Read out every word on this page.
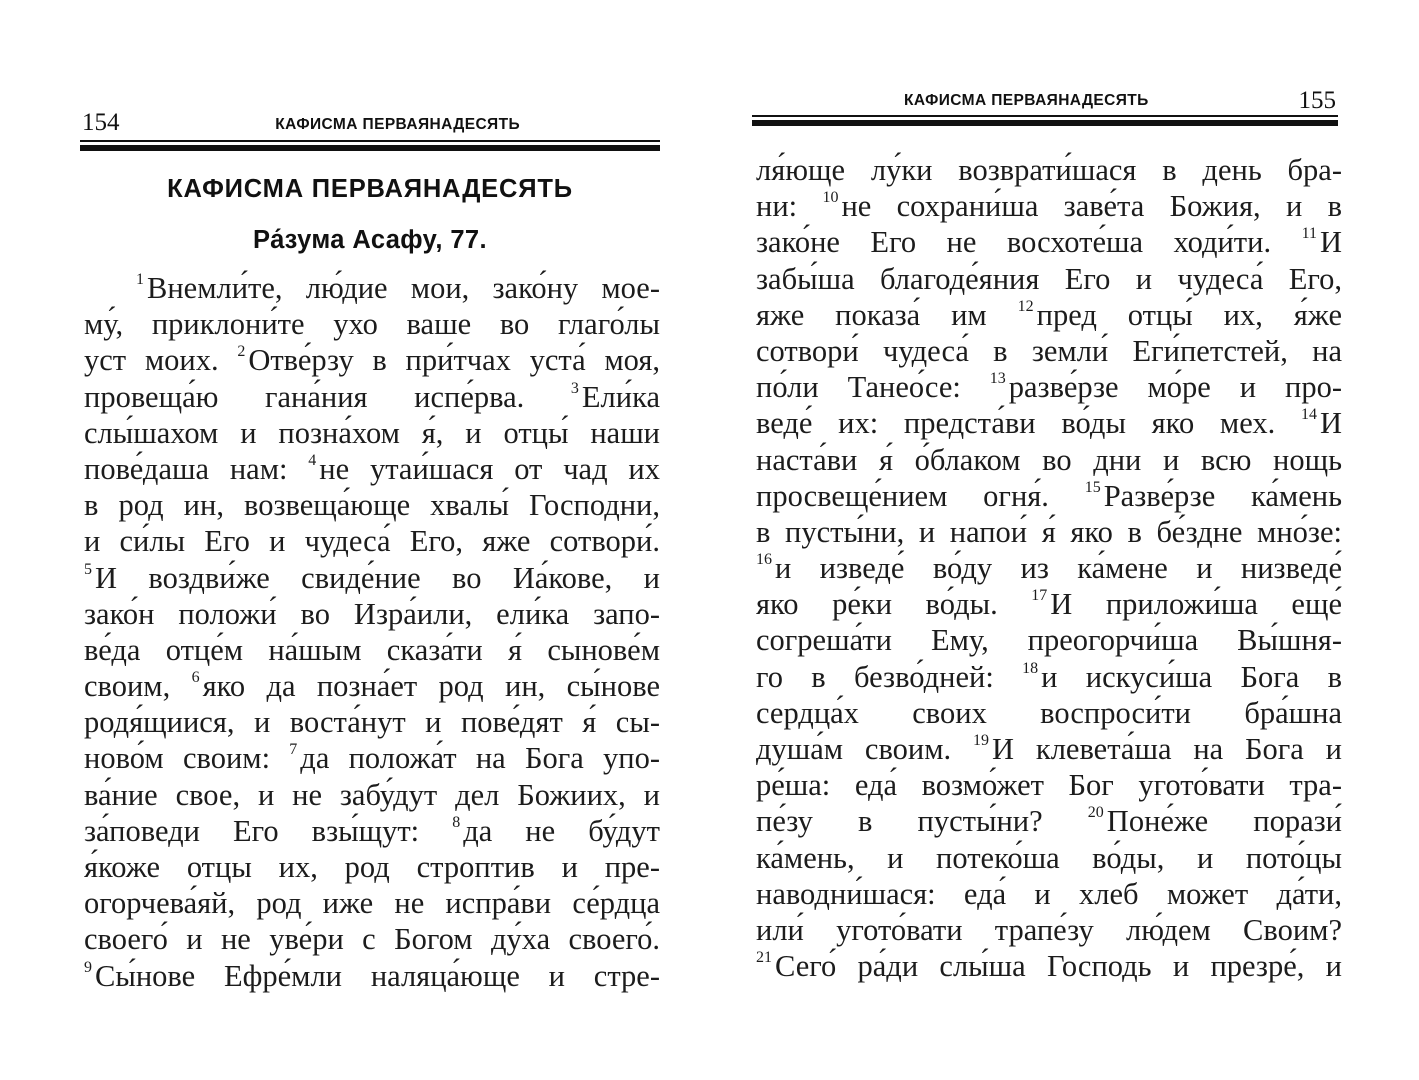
154	КАФИСМА ПЕРВАЯНАДЕСЯТЬ
КАФИСМА ПЕРВАЯНАДЕСЯТЬ
Ра́зума Асафу, 77.
$^1$Внемли́те, лю́дие мои, зако́ну мое-
му́, приклони́те ухо ваше во глаго́лы
уст моих. $^2$Отве́рзу в при́тчах уста́ моя,
провеща́ю гана́ния испе́рва. $^3$Ели́ка
слы́шахом и позна́хом я́, и отцы́ наши
пове́даша нам: $^4$не утаи́шася от чад их
в род ин, возвеща́юще хвалы́ Господни,
и си́лы Его и чудеса́ Его, яже сотвори́.
$^5$И воздви́же свиде́ние во Иа́кове, и
зако́н положи́ во Изра́или, ели́ка запо-
ве́да отце́м на́шым сказа́ти я́ сынове́м
своим, $^6$яко да позна́ет род ин, сы́нове
родя́щиися, и воста́нут и пове́дят я́ сы-
ново́м своим: $^7$да положа́т на Бога упо-
ва́ние свое, и не забу́дут дел Божиих, и
за́поведи Его взы́щут: $^8$да не бу́дут
я́коже отцы их, род строптив и пре-
огорчева́яй, род иже не испра́ви се́рдца
своего́ и не уве́ри с Богом ду́ха своего́.
$^9$Сы́нове Ефре́мли наляца́юще и стре-
КАФИСМА ПЕРВАЯНАДЕСЯТЬ	155
ля́юще лу́ки возврати́шася в день бра-
ни: $^{10}$не сохрани́ша заве́та Божия, и в
зако́не Его не восхоте́ша ходи́ти. $^{11}$И
забы́ша благоде́яния Его и чудеса́ Его,
яже показа́ им $^{12}$пред отцы́ их, я́же
сотвори́ чудеса́ в земли́ Еги́петстей, на
по́ли Танео́се: $^{13}$разве́рзе мо́ре и про-
веде́ их: предста́ви во́ды яко мех. $^{14}$И
наста́ви я́ о́блаком во дни и всю нощь
просвеще́нием огня́. $^{15}$Разве́рзе ка́мень
в пусты́ни, и напои́ я́ яко в бе́здне мно́зе:
$^{16}$и изведе́ во́ду из ка́мене и низведе́
яко ре́ки во́ды. $^{17}$И приложи́ша еще́
согреша́ти Ему, преогорчи́ша Вы́шня-
го в безво́дней: $^{18}$и искуси́ша Бога в
сердца́х своих воспроси́ти бра́шна
душа́м своим. $^{19}$И клевета́ша на Бога и
ре́ша: еда́ возмо́жет Бог угото́вати тра-
пе́зу в пусты́ни? $^{20}$Поне́же порази́
ка́мень, и потеко́ша во́ды, и пото́цы
наводни́шася: еда́ и хлеб может да́ти,
или́ угото́вати трапе́зу лю́дем Своим?
$^{21}$Сего́ ра́ди слы́ша Господь и презре́, и
